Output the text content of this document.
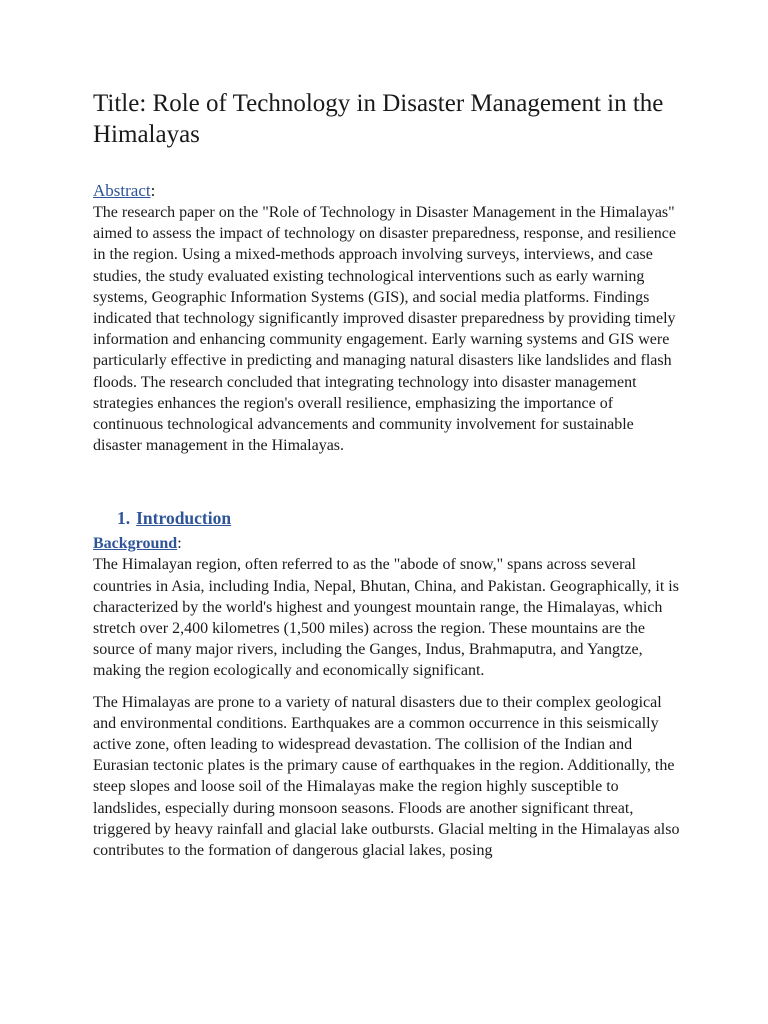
Title: Role of Technology in Disaster Management in the Himalayas
Abstract:

The research paper on the "Role of Technology in Disaster Management in the Himalayas" aimed to assess the impact of technology on disaster preparedness, response, and resilience in the region. Using a mixed-methods approach involving surveys, interviews, and case studies, the study evaluated existing technological interventions such as early warning systems, Geographic Information Systems (GIS), and social media platforms. Findings indicated that technology significantly improved disaster preparedness by providing timely information and enhancing community engagement. Early warning systems and GIS were particularly effective in predicting and managing natural disasters like landslides and flash floods. The research concluded that integrating technology into disaster management strategies enhances the region's overall resilience, emphasizing the importance of continuous technological advancements and community involvement for sustainable disaster management in the Himalayas.

1. Introduction
Background:

The Himalayan region, often referred to as the "abode of snow," spans across several countries in Asia, including India, Nepal, Bhutan, China, and Pakistan. Geographically, it is characterized by the world's highest and youngest mountain range, the Himalayas, which stretch over 2,400 kilometres (1,500 miles) across the region. These mountains are the source of many major rivers, including the Ganges, Indus, Brahmaputra, and Yangtze, making the region ecologically and economically significant.

The Himalayas are prone to a variety of natural disasters due to their complex geological and environmental conditions. Earthquakes are a common occurrence in this seismically active zone, often leading to widespread devastation. The collision of the Indian and Eurasian tectonic plates is the primary cause of earthquakes in the region. Additionally, the steep slopes and loose soil of the Himalayas make the region highly susceptible to landslides, especially during monsoon seasons. Floods are another significant threat, triggered by heavy rainfall and glacial lake outbursts. Glacial melting in the Himalayas also contributes to the formation of dangerous glacial lakes, posing
